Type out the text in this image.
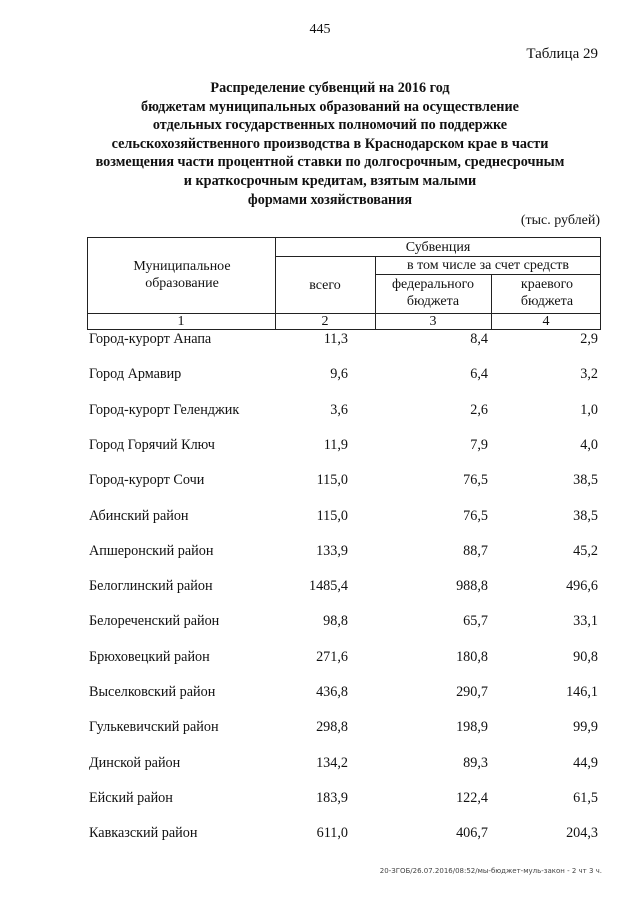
445
Таблица 29
Распределение субвенций на 2016 год
бюджетам муниципальных образований на осуществление
отдельных государственных полномочий по поддержке
сельскохозяйственного производства в Краснодарском крае в части
возмещения части процентной ставки по долгосрочным, среднесрочным
и краткосрочным кредитам, взятым малыми
формами хозяйствования
(тыс. рублей)
Муниципальное образование
Субвенция
в том числе за счет средств
всего	федерального бюджета
краевого бюджета
1	2	3	4
Город-курорт Анапа	11,3	8,4	2,9
Город Армавир	9,6	6,4	3,2
Город-курорт Геленджик	3,6	2,6	1,0
Город Горячий Ключ	11,9	7,9	4,0
Город-курорт Сочи	115,0	76,5	38,5
Абинский район	115,0	76,5	38,5
Апшеронский район	133,9	88,7	45,2
Белоглинский район	1485,4	988,8	496,6
Белореченский район	98,8	65,7	33,1
Брюховецкий район	271,6	180,8	90,8
Выселковский район	436,8	290,7	146,1
Гулькевичский район	298,8	198,9	99,9
Динской район	134,2	89,3	44,9
Ейский район	183,9	122,4	61,5
Кавказский район	611,0	406,7	204,3
20-ЗГОБ/26.07.2016/08:52/мы-бюджет-муль-закон - 2 чт 3 ч.
